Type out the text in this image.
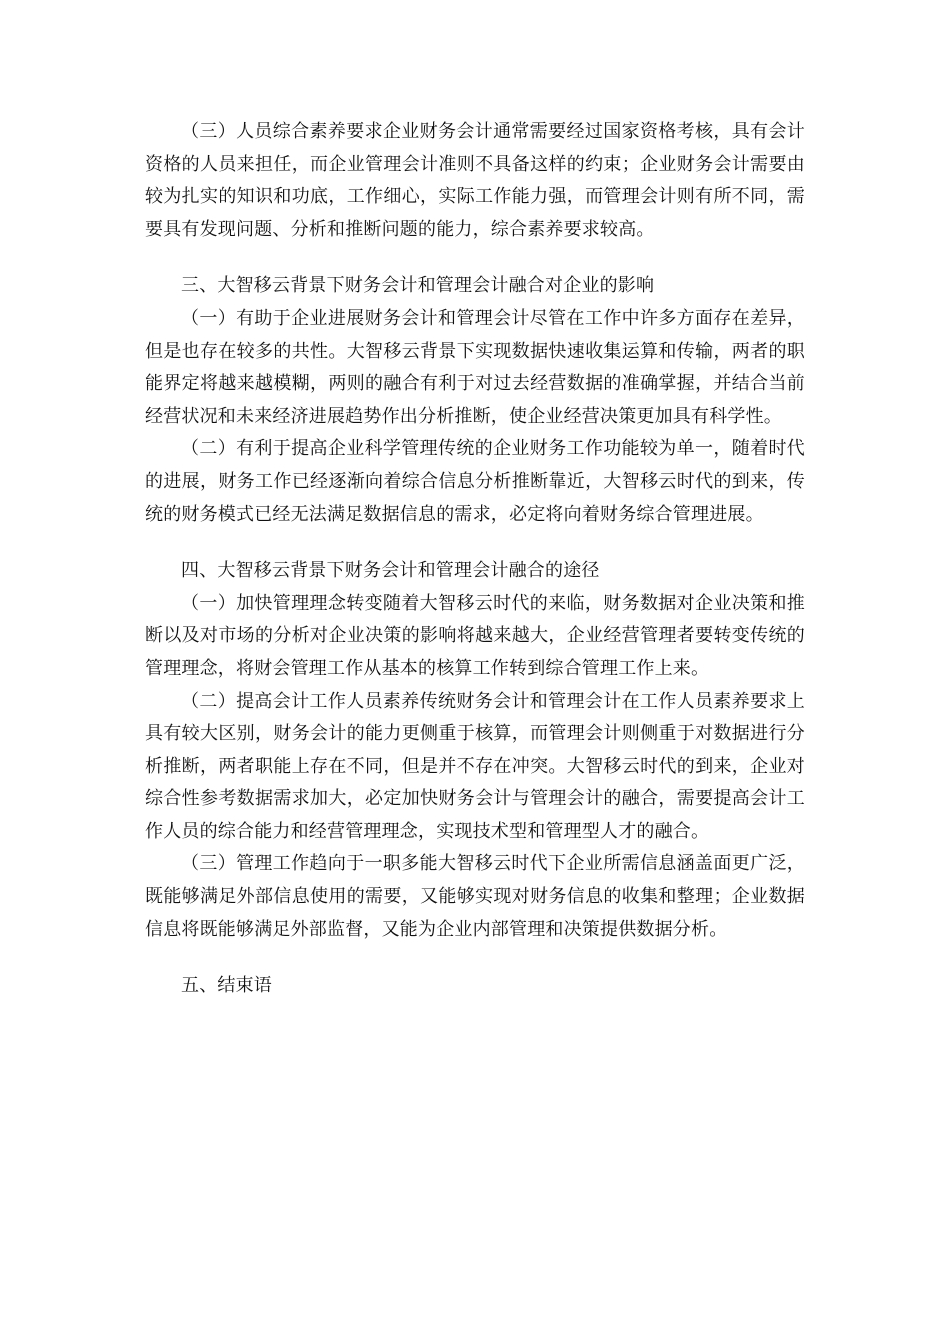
（三）人员综合素养要求企业财务会计通常需要经过国家资格考核，具有会计资格的人员来担任，而企业管理会计准则不具备这样的约束；企业财务会计需要由较为扎实的知识和功底，工作细心，实际工作能力强，而管理会计则有所不同，需要具有发现问题、分析和推断问题的能力，综合素养要求较高。

三、大智移云背景下财务会计和管理会计融合对企业的影响

（一）有助于企业进展财务会计和管理会计尽管在工作中许多方面存在差异，但是也存在较多的共性。大智移云背景下实现数据快速收集运算和传输，两者的职能界定将越来越模糊，两则的融合有利于对过去经营数据的准确掌握，并结合当前经营状况和未来经济进展趋势作出分析推断，使企业经营决策更加具有科学性。

（二）有利于提高企业科学管理传统的企业财务工作功能较为单一，随着时代的进展，财务工作已经逐渐向着综合信息分析推断靠近，大智移云时代的到来，传统的财务模式已经无法满足数据信息的需求，必定将向着财务综合管理进展。

四、大智移云背景下财务会计和管理会计融合的途径

（一）加快管理理念转变随着大智移云时代的来临，财务数据对企业决策和推断以及对市场的分析对企业决策的影响将越来越大，企业经营管理者要转变传统的管理理念，将财会管理工作从基本的核算工作转到综合管理工作上来。

（二）提高会计工作人员素养传统财务会计和管理会计在工作人员素养要求上具有较大区别，财务会计的能力更侧重于核算，而管理会计则侧重于对数据进行分析推断，两者职能上存在不同，但是并不存在冲突。大智移云时代的到来，企业对综合性参考数据需求加大，必定加快财务会计与管理会计的融合，需要提高会计工作人员的综合能力和经营管理理念，实现技术型和管理型人才的融合。

（三）管理工作趋向于一职多能大智移云时代下企业所需信息涵盖面更广泛，既能够满足外部信息使用的需要，又能够实现对财务信息的收集和整理；企业数据信息将既能够满足外部监督，又能为企业内部管理和决策提供数据分析。

五、结束语
